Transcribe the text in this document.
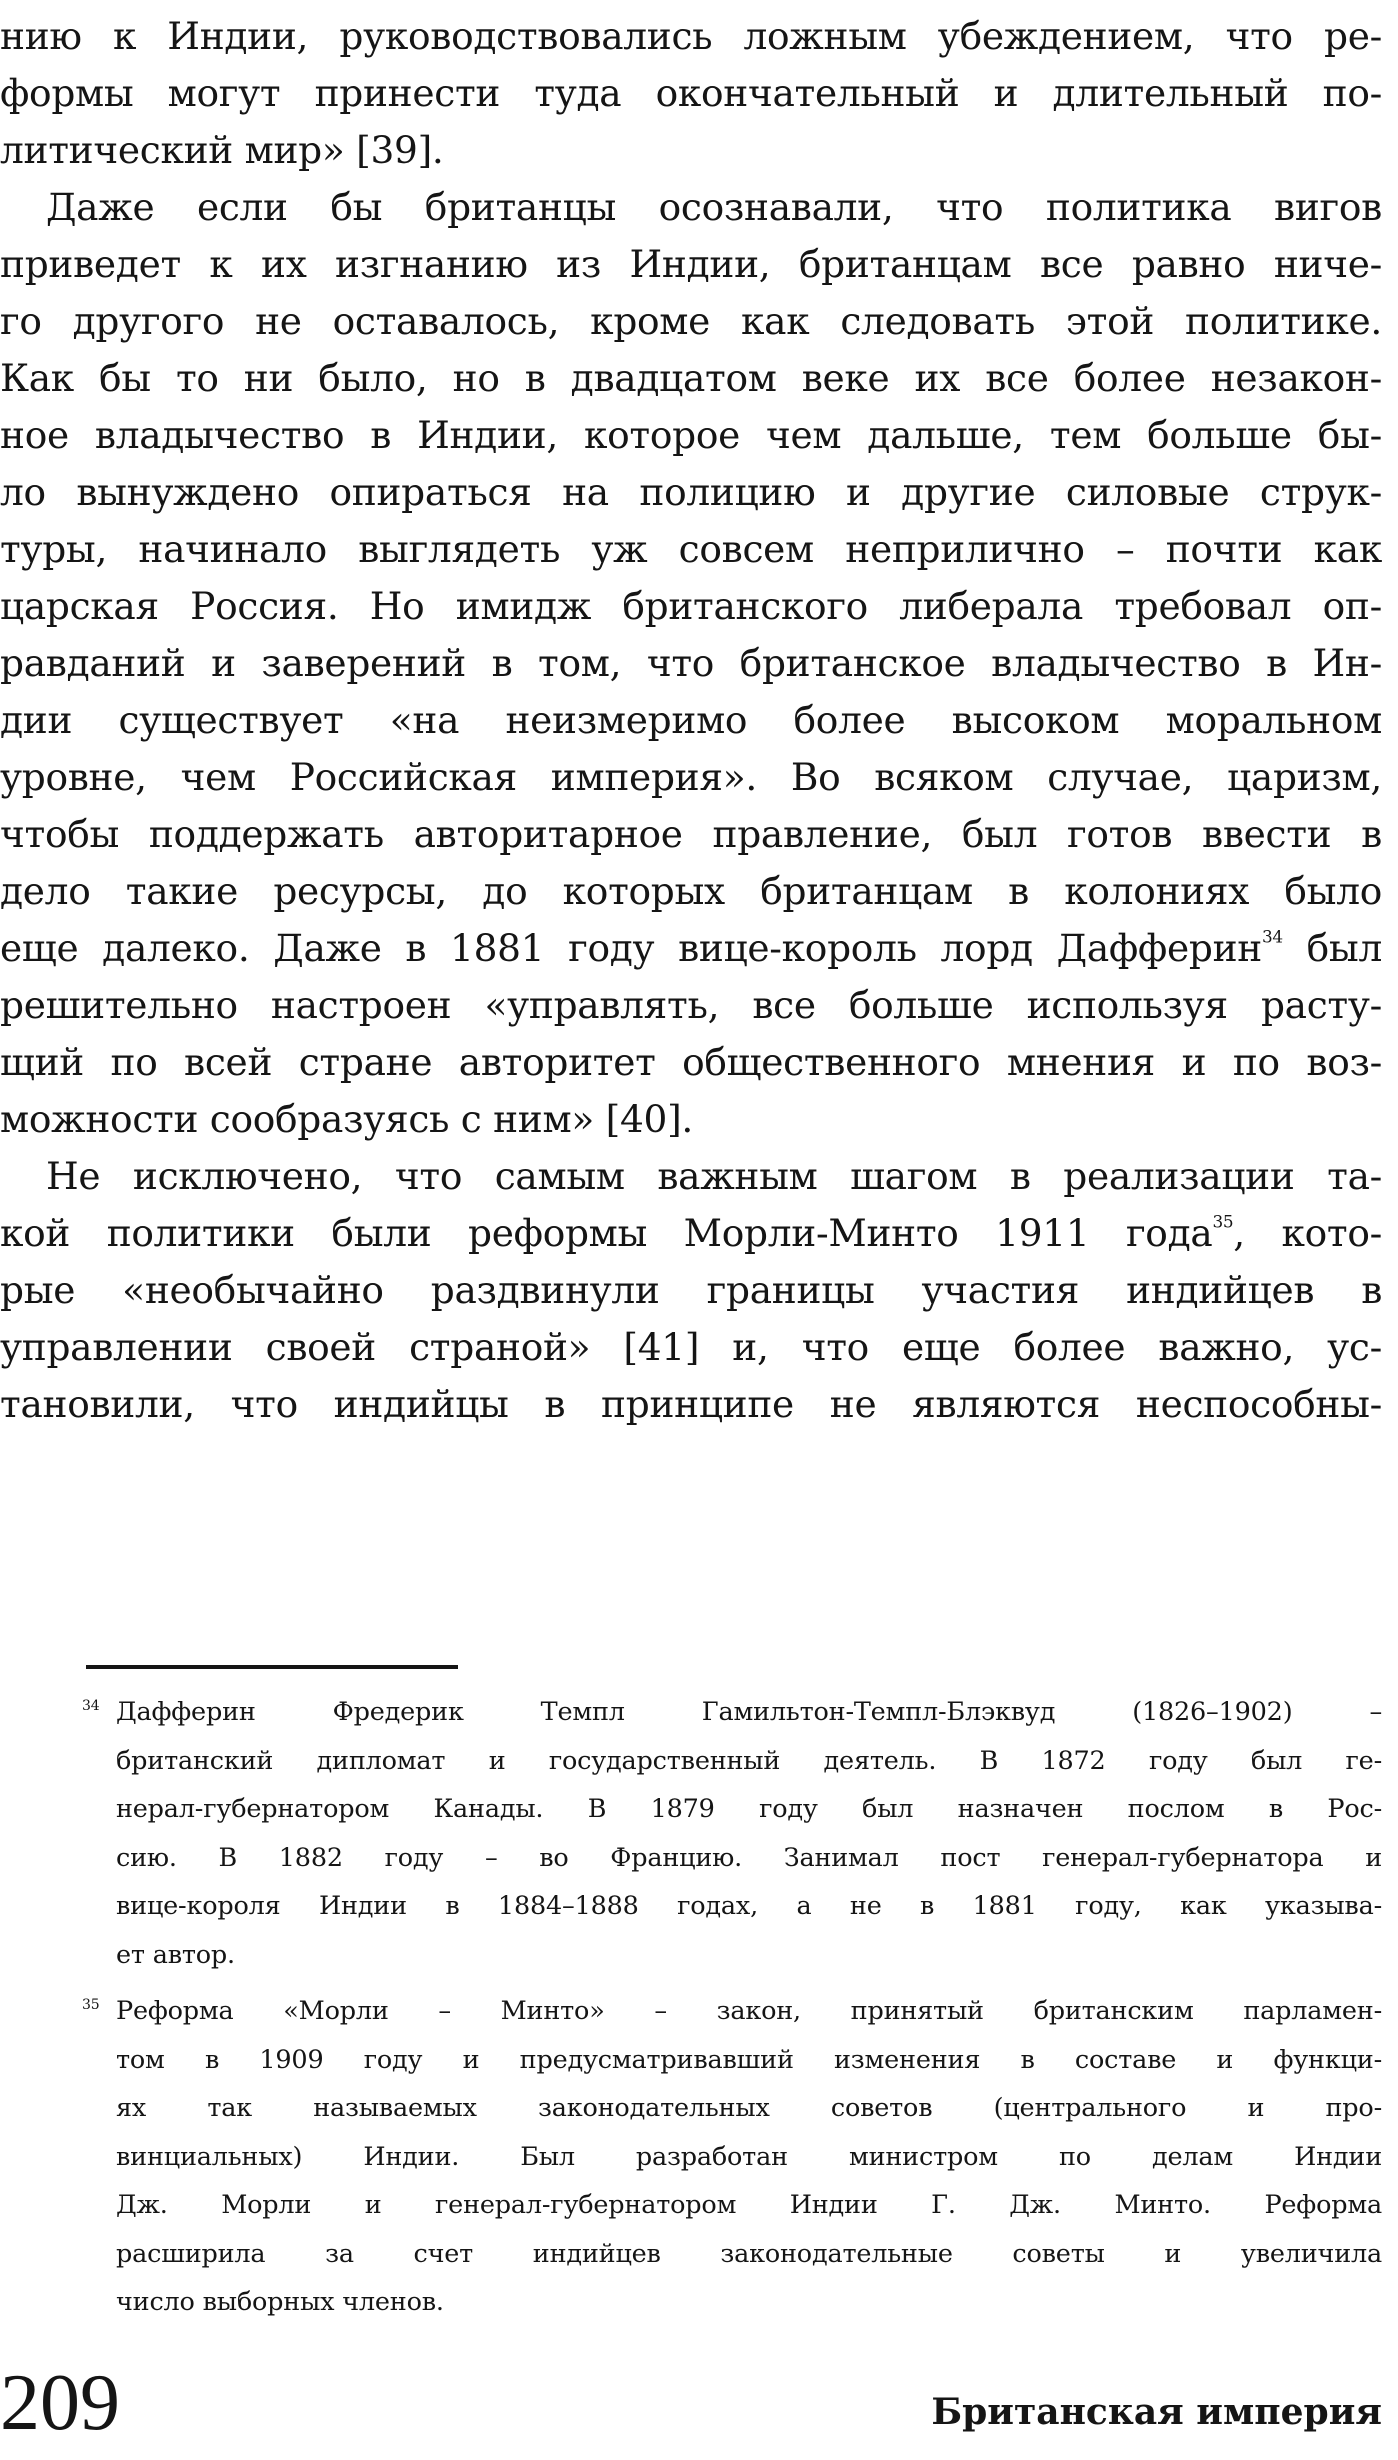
нию к Индии, руководствовались ложным убеждением, что ре-
формы могут принести туда окончательный и длительный по-
литический мир» [39].

Даже если бы британцы осознавали, что политика вигов
приведет к их изгнанию из Индии, британцам все равно ниче-
го другого не оставалось, кроме как следовать этой политике.
Как бы то ни было, но в двадцатом веке их все более незакон-
ное владычество в Индии, которое чем дальше, тем больше бы-
ло вынуждено опираться на полицию и другие силовые струк-
туры, начинало выглядеть уж совсем неприлично – почти как
царская Россия. Но имидж британского либерала требовал оп-
равданий и заверений в том, что британское владычество в Ин-
дии существует «на неизмеримо более высоком моральном
уровне, чем Российская империя». Во всяком случае, царизм,
чтобы поддержать авторитарное правление, был готов ввести в
дело такие ресурсы, до которых британцам в колониях было
еще далеко. Даже в 1881 году вице-король лорд Дафферин$^{34}$ был
решительно настроен «управлять, все больше используя расту-
щий по всей стране авторитет общественного мнения и по воз-
можности сообразуясь с ним» [40].

Не исключено, что самым важным шагом в реализации та-
кой политики были реформы Морли-Минто 1911 года$^{35}$, кото-
рые «необычайно раздвинули границы участия индийцев в
управлении своей страной» [41] и, что еще более важно, ус-
тановили, что индийцы в принципе не являются неспособны-

34 Дафферин Фредерик Темпл Гамильтон-Темпл-Блэквуд (1826–1902) –
британский дипломат и государственный деятель. В 1872 году был ге-
нерал-губернатором Канады. В 1879 году был назначен послом в Рос-
сию. В 1882 году – во Францию. Занимал пост генерал-губернатора и
вице-короля Индии в 1884–1888 годах, а не в 1881 году, как указыва-
ет автор.
35 Реформа «Морли – Минто» – закон, принятый британским парламен-
том в 1909 году и предусматривавший изменения в составе и функци-
ях так называемых законодательных советов (центрального и про-
винциальных) Индии. Был разработан министром по делам Индии
Дж. Морли и генерал-губернатором Индии Г. Дж. Минто. Реформа
расширила за счет индийцев законодательные советы и увеличила
число выборных членов.
209	Британская империя
